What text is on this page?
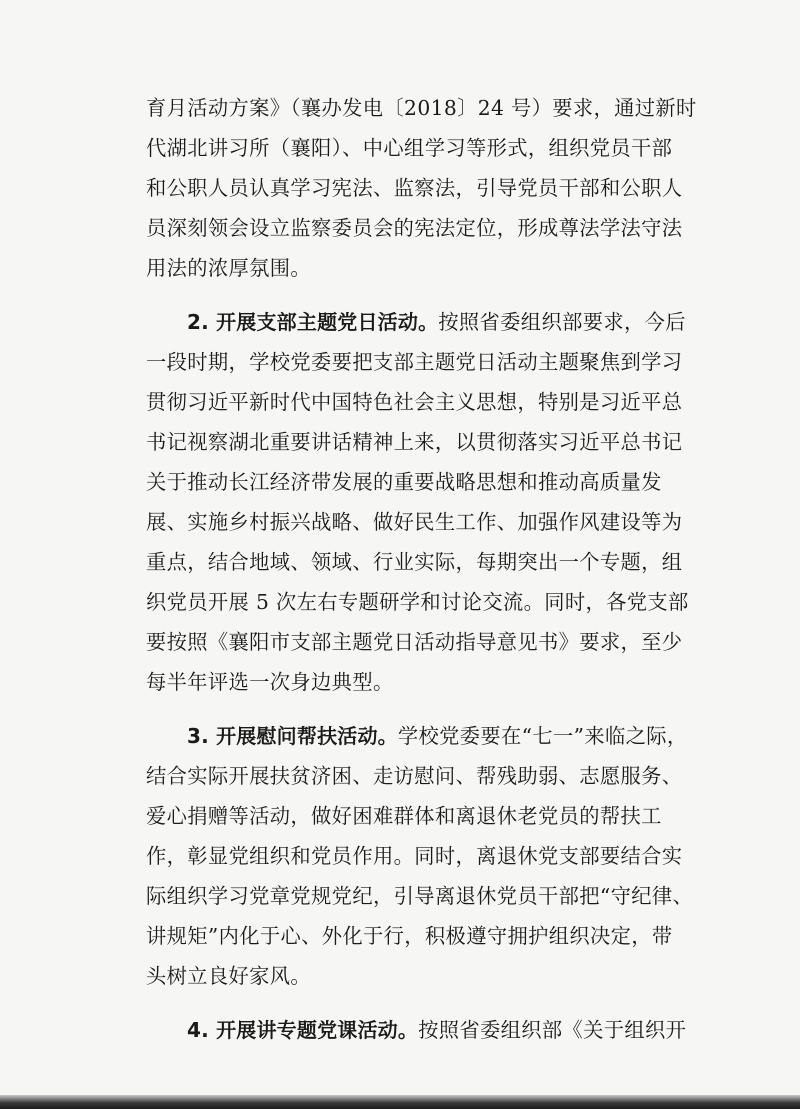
育月活动方案》（襄办发电〔2018〕24 号）要求，通过新时
代湖北讲习所（襄阳）、中心组学习等形式，组织党员干部
和公职人员认真学习宪法、监察法，引导党员干部和公职人
员深刻领会设立监察委员会的宪法定位，形成尊法学法守法
用法的浓厚氛围。
2. 开展支部主题党日活动。按照省委组织部要求，今后
一段时期，学校党委要把支部主题党日活动主题聚焦到学习
贯彻习近平新时代中国特色社会主义思想，特别是习近平总
书记视察湖北重要讲话精神上来，以贯彻落实习近平总书记
关于推动长江经济带发展的重要战略思想和推动高质量发
展、实施乡村振兴战略、做好民生工作、加强作风建设等为
重点，结合地域、领域、行业实际，每期突出一个专题，组
织党员开展 5 次左右专题研学和讨论交流。同时，各党支部
要按照《襄阳市支部主题党日活动指导意见书》要求，至少
每半年评选一次身边典型。
3. 开展慰问帮扶活动。学校党委要在“七一”来临之际，
结合实际开展扶贫济困、走访慰问、帮残助弱、志愿服务、
爱心捐赠等活动，做好困难群体和离退休老党员的帮扶工
作，彰显党组织和党员作用。同时，离退休党支部要结合实
际组织学习党章党规党纪，引导离退休党员干部把“守纪律、
讲规矩”内化于心、外化于行，积极遵守拥护组织决定，带
头树立良好家风。
4. 开展讲专题党课活动。按照省委组织部《关于组织开
